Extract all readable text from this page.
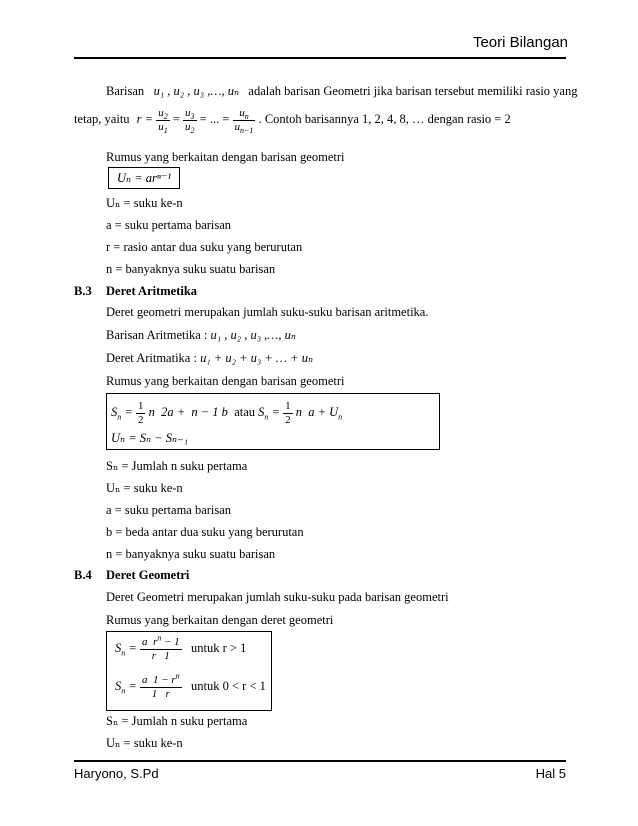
Teori Bilangan
Haryono, S.Pd	Hal 5
Barisan u₁ , u₂ , u₃ ,…, uₙ adalah barisan Geometri jika barisan tersebut memiliki rasio yang
tetap, yaitu $r = \frac{u_2}{u_1} = \frac{u_3}{u_2}$ = ... = $\frac{u_n}{u_{n-1}}$ . Contoh barisannya 1, 2, 4, 8, … dengan rasio = 2
Rumus yang berkaitan dengan barisan geometri
Uₙ = arⁿ⁻¹
Uₙ = suku ke-n
a = suku pertama barisan
r = rasio antar dua suku yang berurutan
n = banyaknya suku suatu barisan
B.3 Deret Aritmetika
Deret geometri merupakan jumlah suku-suku barisan aritmetika.
Barisan Aritmetika : u₁ , u₂ , u₃ ,…, uₙ
Deret Aritmatika : u₁ + u₂ + u₃ + … + uₙ
Rumus yang berkaitan dengan barisan geometri
$S_n = \frac{1}{2}$ n  2a +  n − 1 b atau $S_n = \frac{1}{2}$ n  $a + U_n$
Uₙ = Sₙ − Sₙ₋₁
Sₙ = Jumlah n suku pertama
Uₙ = suku ke-n
a = suku pertama barisan
b = beda antar dua suku yang berurutan
n = banyaknya suku suatu barisan
B.4 Deret Geometri
Deret Geometri merupakan jumlah suku-suku pada barisan geometri
Rumus yang berkaitan dengan deret geometri
$S_n = \frac{a r^n - 1}{r 1}$ untuk r > 1
$S_n = \frac{a 1 - r^n}{1 r}$ untuk 0 < r < 1
Sₙ = Jumlah n suku pertama
Uₙ = suku ke-n
